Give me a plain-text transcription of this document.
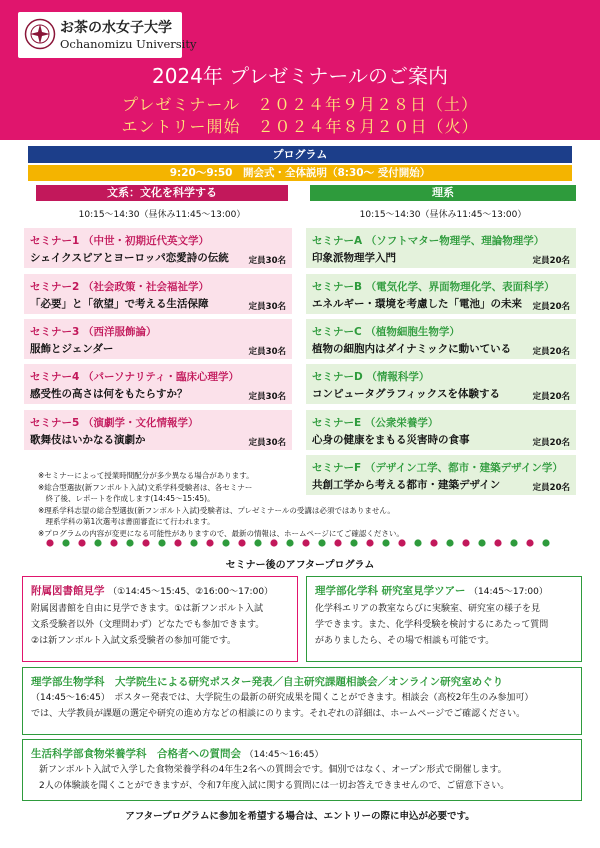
お茶の水女子大学
Ochanomizu University
2024年 プレゼミナールのご案内
プレゼミナール　２０２４年９月２８日（土）
エントリー開始　２０２４年８月２０日（火）
プログラム
9:20～9:50　開会式・全体説明（8:30～ 受付開始）
文系：文化を科学する	理系
10:15～14:30（昼休み11:45～13:00）	10:15～14:30（昼休み11:45～13:00）
セミナー1 （中世・初期近代英文学）
シェイクスピアとヨーロッパ恋愛詩の伝統 定員30名
セミナー2 （社会政策・社会福祉学）
「必要」と「欲望」で考える生活保障	定員30名
セミナー3 （西洋服飾論）
服飾とジェンダー	定員30名
セミナー4 （パーソナリティ・臨床心理学）
感受性の高さは何をもたらすか？	定員30名
セミナー5 （演劇学・文化情報学）
歌舞伎はいかなる演劇か	定員30名
セミナーA （ソフトマター物理学、理論物理学）
印象派物理学入門	定員20名
セミナーB （電気化学、界面物理化学、表面科学）
エネルギー・環境を考慮した「電池」の未来 定員20名
セミナーC （植物細胞生物学）
植物の細胞内はダイナミックに動いている	定員20名
セミナーD （情報科学）
コンピュータグラフィックスを体験する	定員20名
セミナーE （公衆栄養学）
心身の健康をまもる災害時の食事	定員20名
セミナーF （デザイン工学、都市・建築デザイン学）
共創工学から考える都市・建築デザイン	定員20名
※セミナーによって授業時間配分が多少異なる場合があります。
※総合型選抜(新フンボルト入試)文系学科受験者は、各セミナー
　終了後、レポートを作成します(14:45～15:45)。
※理系学科志望の総合型選抜(新フンボルト入試)受験者は、プレゼミナールの受講は必須ではありません。
　理系学科の第1次選考は書面審査にて行われます。
※プログラムの内容が変更になる可能性がありますので、最新の情報は、ホームページにてご確認ください。
セミナー後のアフタープログラム
附属図書館見学 （①14:45～15:45、②16:00～17:00）
附属図書館を自由に見学できます。①は新フンボルト入試
文系受験者以外（文理問わず）どなたでも参加できます。
②は新フンボルト入試文系受験者の参加可能です。
理学部化学科 研究室見学ツアー （14:45～17:00）
化学科エリアの教室ならびに実験室、研究室の様子を見
学できます。また、化学科受験を検討するにあたって質問
がありましたら、その場で相談も可能です。
理学部生物学科　大学院生による研究ポスター発表／自主研究課題相談会／オンライン研究室めぐり
（14:45～16:45）　ポスター発表では、大学院生の最新の研究成果を聞くことができます。相談会（高校2年生のみ参加可）
では、大学教員が課題の選定や研究の進め方などの相談にのります。それぞれの詳細は、ホームページでご確認ください。
生活科学部食物栄養学科　合格者への質問会 （14:45～16:45）
新フンボルト入試で入学した食物栄養学科の4年生2名への質問会です。個別ではなく、オープン形式で開催します。
2人の体験談を聞くことができますが、令和7年度入試に関する質問には一切お答えできませんので、ご留意下さい。
アフタープログラムに参加を希望する場合は、エントリーの際に申込が必要です。
